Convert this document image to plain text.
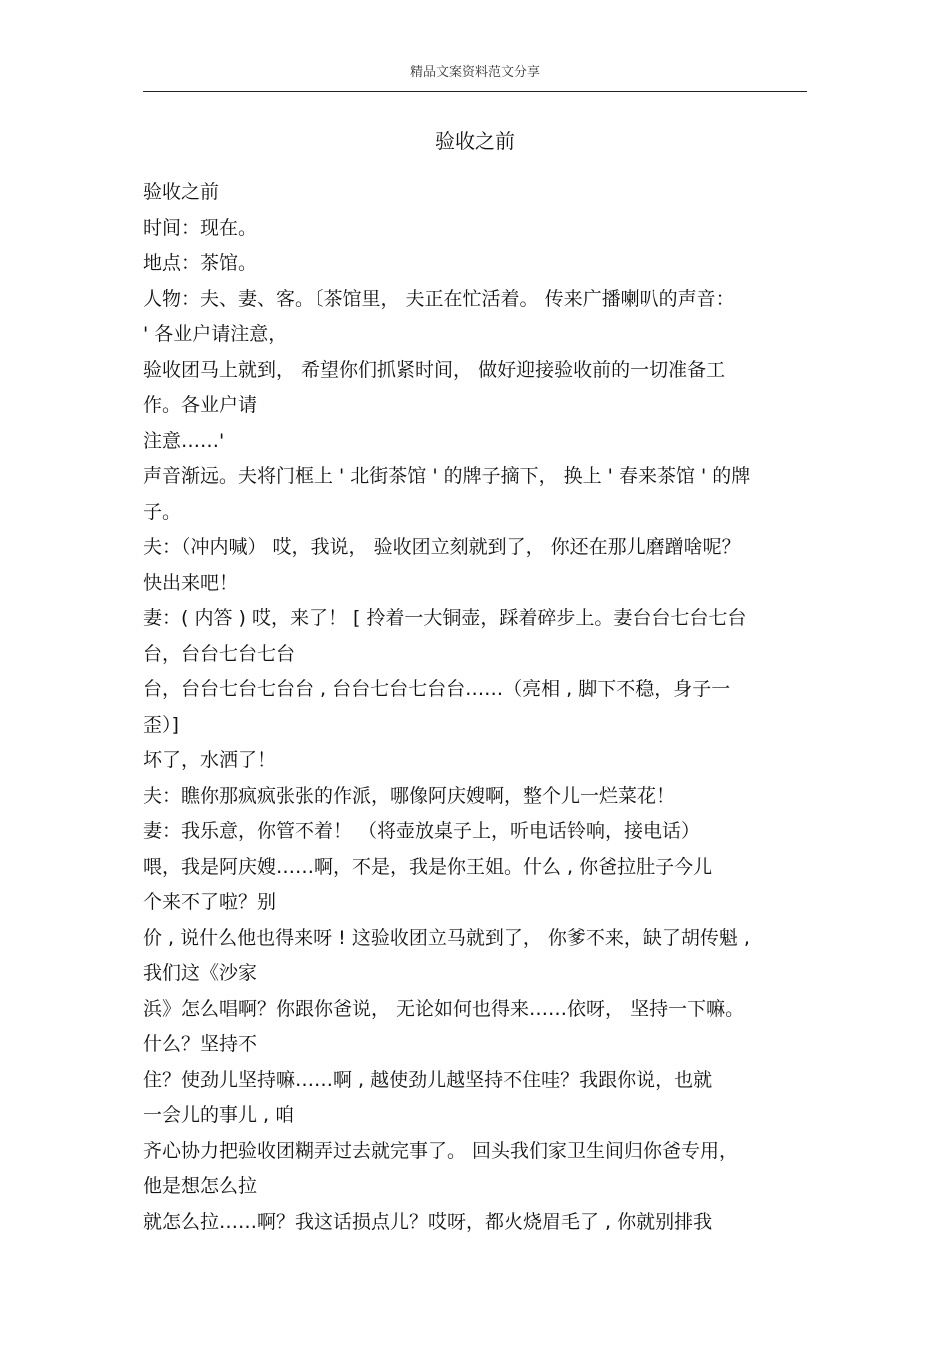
精品文案资料范文分享
验收之前
验收之前
时间：现在。
地点：茶馆。
人物：夫、妻、客。〔茶馆里， 夫正在忙活着。 传来广播喇叭的声音：
' 各业户请注意，
验收团马上就到， 希望你们抓紧时间， 做好迎接验收前的一切准备工
作。各业户请
注意……'
声音渐远。夫将门框上 ' 北街茶馆 ' 的牌子摘下， 换上 ' 春来茶馆 ' 的牌
子。
夫：（冲内喊） 哎，我说， 验收团立刻就到了， 你还在那儿磨蹭啥呢？
快出来吧！
妻：( 内答 ) 哎，来了！ [ 拎着一大铜壶，踩着碎步上。妻台台七台七台
台，台台七台七台
台，台台七台七台台 , 台台七台七台台……（亮相 , 脚下不稳，身子一
歪）]
坏了，水洒了！
夫：瞧你那疯疯张张的作派，哪像阿庆嫂啊，整个儿一烂菜花！
妻：我乐意，你管不着！ （将壶放桌子上，听电话铃响，接电话）
喂，我是阿庆嫂……啊，不是，我是你王姐。什么 , 你爸拉肚子今儿
个来不了啦？别
价 , 说什么他也得来呀 ! 这验收团立马就到了， 你爹不来，缺了胡传魁 ,
我们这《沙家
浜》怎么唱啊？你跟你爸说， 无论如何也得来……依呀， 坚持一下嘛。
什么？坚持不
住？使劲儿坚持嘛……啊 , 越使劲儿越坚持不住哇？我跟你说，也就
一会儿的事儿 , 咱
齐心协力把验收团糊弄过去就完事了。 回头我们家卫生间归你爸专用，
他是想怎么拉
就怎么拉……啊？我这话损点儿？哎呀，都火烧眉毛了 , 你就别排我
